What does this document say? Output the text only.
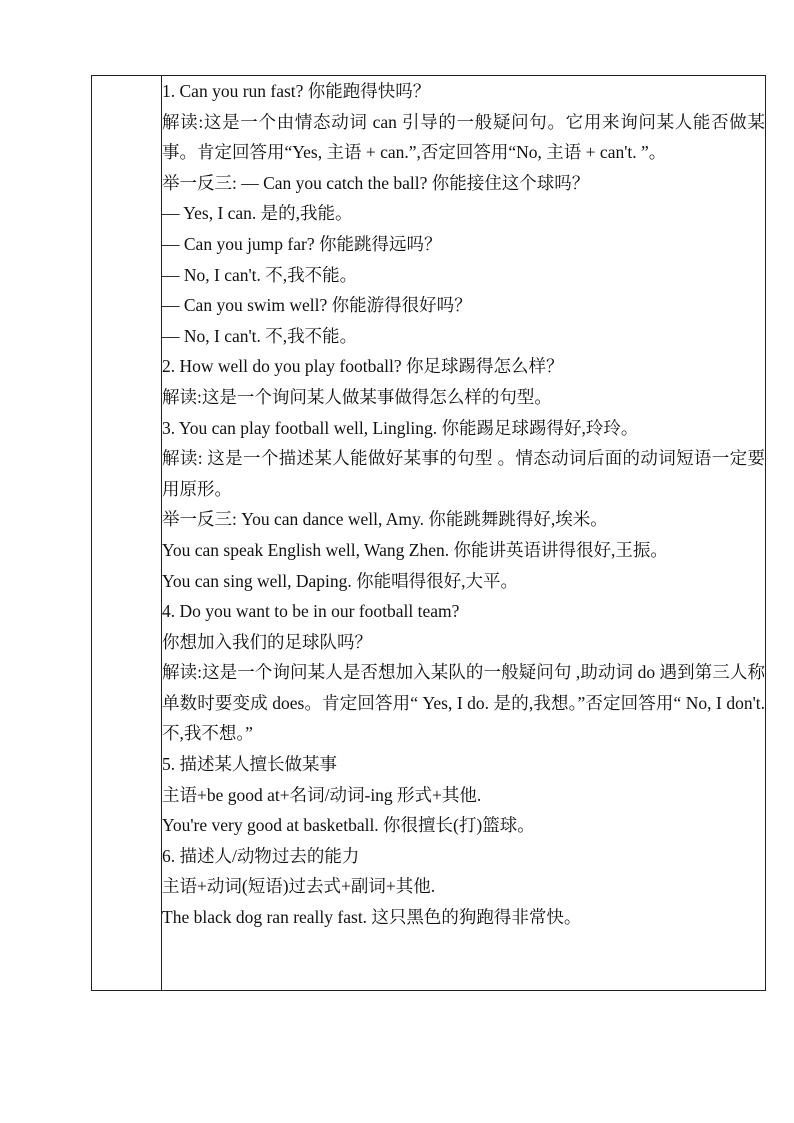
1. Can you run fast? 你能跑得快吗？
解读:这是一个由情态动词 can 引导的一般疑问句。它用来询问某人能否做某事。肯定回答用“Yes, 主语 + can.”,否定回答用“No, 主语 + can't. ”。
举一反三: — Can you catch the ball? 你能接住这个球吗？
— Yes, I can. 是的,我能。
— Can you jump far? 你能跳得远吗？
— No, I can't. 不,我不能。
— Can you swim well? 你能游得很好吗？
— No, I can't. 不,我不能。
2. How well do you play football? 你足球踢得怎么样？
解读:这是一个询问某人做某事做得怎么样的句型。
3. You can play football well, Lingling. 你能踢足球踢得好,玲玲。
解读: 这是一个描述某人能做好某事的句型 。情态动词后面的动词短语一定要用原形。
举一反三: You can dance well, Amy. 你能跳舞跳得好,埃米。
You can speak English well, Wang Zhen. 你能讲英语讲得很好,王振。
You can sing well, Daping. 你能唱得很好,大平。
4. Do you want to be in our football team?
你想加入我们的足球队吗？
解读:这是一个询问某人是否想加入某队的一般疑问句 ,助动词 do 遇到第三人称单数时要变成 does。肯定回答用“ Yes, I do. 是的,我想。”否定回答用“ No, I don't. 不,我不想。”
5. 描述某人擅长做某事
主语+be good at+名词/动词-ing 形式+其他.
You're very good at basketball. 你很擅长(打)篮球。
6. 描述人/动物过去的能力
主语+动词(短语)过去式+副词+其他.
The black dog ran really fast. 这只黑色的狗跑得非常快。
